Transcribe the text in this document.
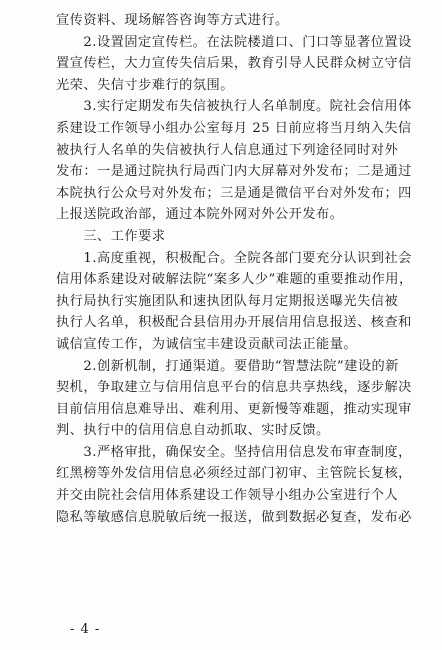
宣传资料、现场解答咨询等方式进行。
　　2.设置固定宣传栏。在法院楼道口、门口等显著位置设
置宣传栏，大力宣传失信后果，教育引导人民群众树立守信
光荣、失信寸步难行的氛围。
　　3.实行定期发布失信被执行人名单制度。院社会信用体
系建设工作领导小组办公室每月 25 日前应将当月纳入失信
被执行人名单的失信被执行人信息通过下列途径同时对外
发布：一是通过院执行局西门内大屏幕对外发布；二是通过
本院执行公众号对外发布；三是通是微信平台对外发布；四
上报送院政治部，通过本院外网对外公开发布。
　　三、工作要求
　　1.高度重视，积极配合。全院各部门要充分认识到社会
信用体系建设对破解法院“案多人少”难题的重要推动作用，
执行局执行实施团队和速执团队每月定期报送曝光失信被
执行人名单，积极配合县信用办开展信用信息报送、核查和
诚信宣传工作，为诚信宝丰建设贡献司法正能量。
　　2.创新机制，打通渠道。要借助“智慧法院”建设的新
契机，争取建立与信用信息平台的信息共享热线，逐步解决
目前信用信息难导出、难利用、更新慢等难题，推动实现审
判、执行中的信用信息自动抓取、实时反馈。
　　3.严格审批，确保安全。坚持信用信息发布审查制度，
红黑榜等外发信用信息必须经过部门初审、主管院长复核，
并交由院社会信用体系建设工作领导小组办公室进行个人
隐私等敏感信息脱敏后统一报送，做到数据必复查，发布必
- 4 -
